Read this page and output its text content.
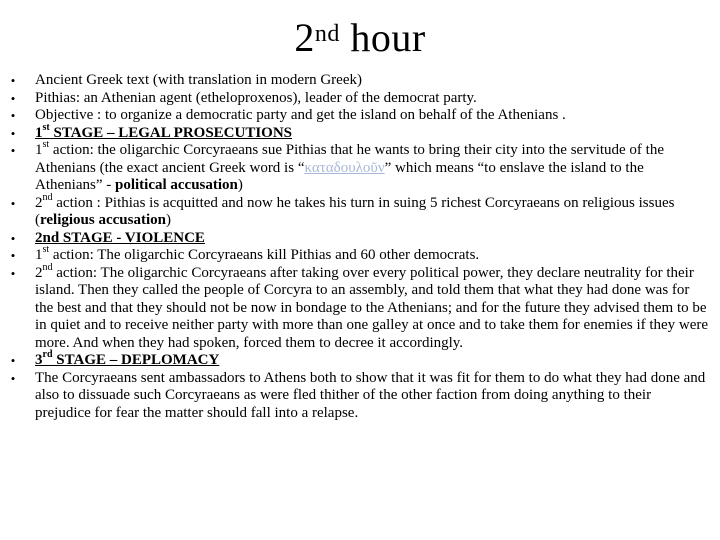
2nd hour
• Ancient Greek text (with translation in modern Greek)
• Pithias: an Athenian agent (etheloproxenos), leader of the democrat party.
• Objective : to organize a democratic party and get the island on behalf of the Athenians .
• 1st STAGE – LEGAL PROSECUTIONS
• 1st action: the oligarchic Corcyraeans sue Pithias that he wants to bring their city into the servitude of the Athenians (the exact ancient Greek word is “καταδουλοῦν” which means “to enslave the island to the Athenians” - political accusation)
• 2nd action : Pithias is acquitted and now he takes his turn in suing 5 richest Corcyraeans on religious issues (religious accusation)
• 2nd STAGE - VIOLENCE
• 1st action: The oligarchic Corcyraeans kill Pithias and 60 other democrats.
• 2nd action: The oligarchic Corcyraeans after taking over every political power, they declare neutrality for their island. Then they called the people of Corcyra to an assembly, and told them that what they had done was for the best and that they should not be now in bondage to the Athenians; and for the future they advised them to be in quiet and to receive neither party with more than one galley at once and to take them for enemies if they were more. And when they had spoken, forced them to decree it accordingly.
• 3rd STAGE – DEPLOMACY
• The Corcyraeans sent ambassadors to Athens both to show that it was fit for them to do what they had done and also to dissuade such Corcyraeans as were fled thither of the other faction from doing anything to their prejudice for fear the matter should fall into a relapse.
